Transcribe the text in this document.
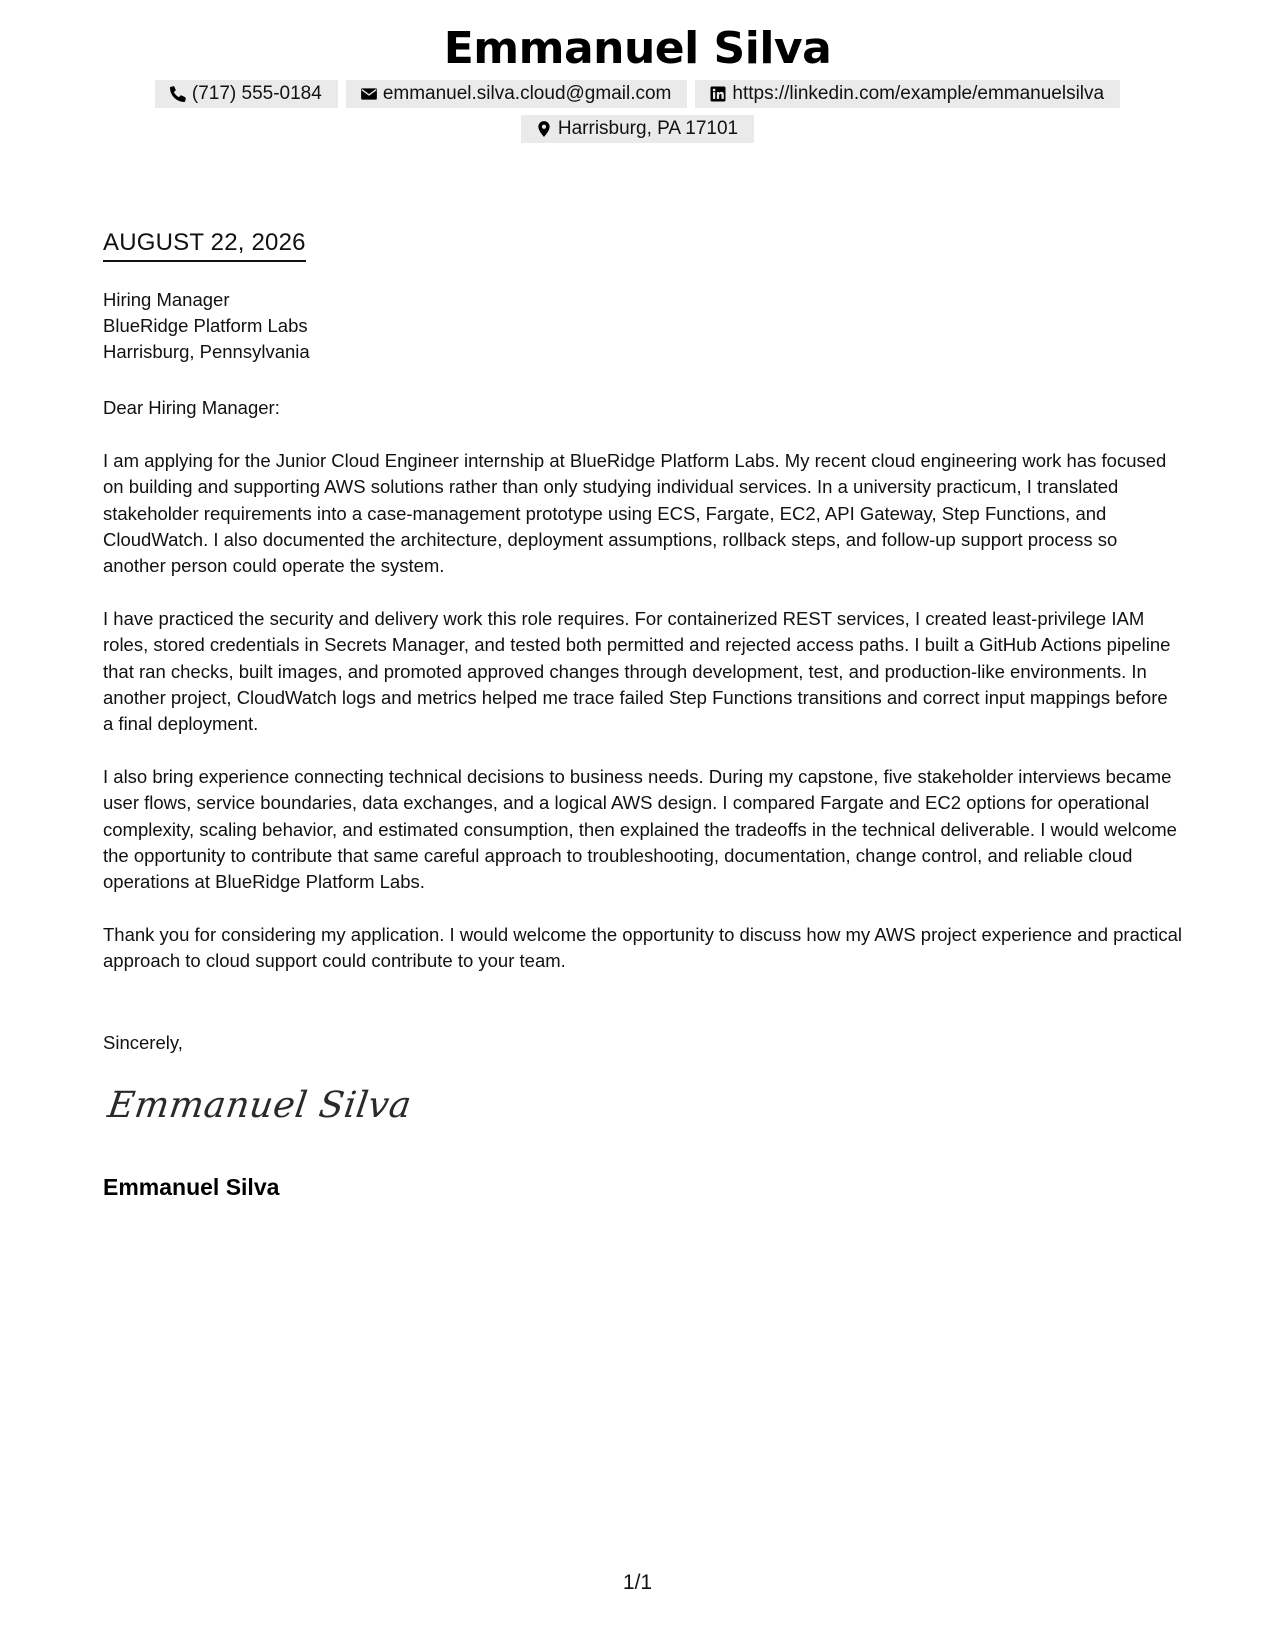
Emmanuel Silva
(717) 555-0184	emmanuel.silva.cloud@gmail.com	https://linkedin.com/example/emmanuelsilva
Harrisburg, PA 17101
AUGUST 22, 2026
Hiring Manager
BlueRidge Platform Labs
Harrisburg, Pennsylvania
Dear Hiring Manager:

I am applying for the Junior Cloud Engineer internship at BlueRidge Platform Labs. My recent cloud engineering work has focused on building and supporting AWS solutions rather than only studying individual services. In a university practicum, I translated stakeholder requirements into a case-management prototype using ECS, Fargate, EC2, API Gateway, Step Functions, and CloudWatch. I also documented the architecture, deployment assumptions, rollback steps, and follow-up support process so another person could operate the system.

I have practiced the security and delivery work this role requires. For containerized REST services, I created least-privilege IAM roles, stored credentials in Secrets Manager, and tested both permitted and rejected access paths. I built a GitHub Actions pipeline that ran checks, built images, and promoted approved changes through development, test, and production-like environments. In another project, CloudWatch logs and metrics helped me trace failed Step Functions transitions and correct input mappings before a final deployment.

I also bring experience connecting technical decisions to business needs. During my capstone, five stakeholder interviews became user flows, service boundaries, data exchanges, and a logical AWS design. I compared Fargate and EC2 options for operational complexity, scaling behavior, and estimated consumption, then explained the tradeoffs in the technical deliverable. I would welcome the opportunity to contribute that same careful approach to troubleshooting, documentation, change control, and reliable cloud operations at BlueRidge Platform Labs.

Thank you for considering my application. I would welcome the opportunity to discuss how my AWS project experience and practical approach to cloud support could contribute to your team.

Sincerely,
Emmanuel Silva
Emmanuel Silva
1/1
